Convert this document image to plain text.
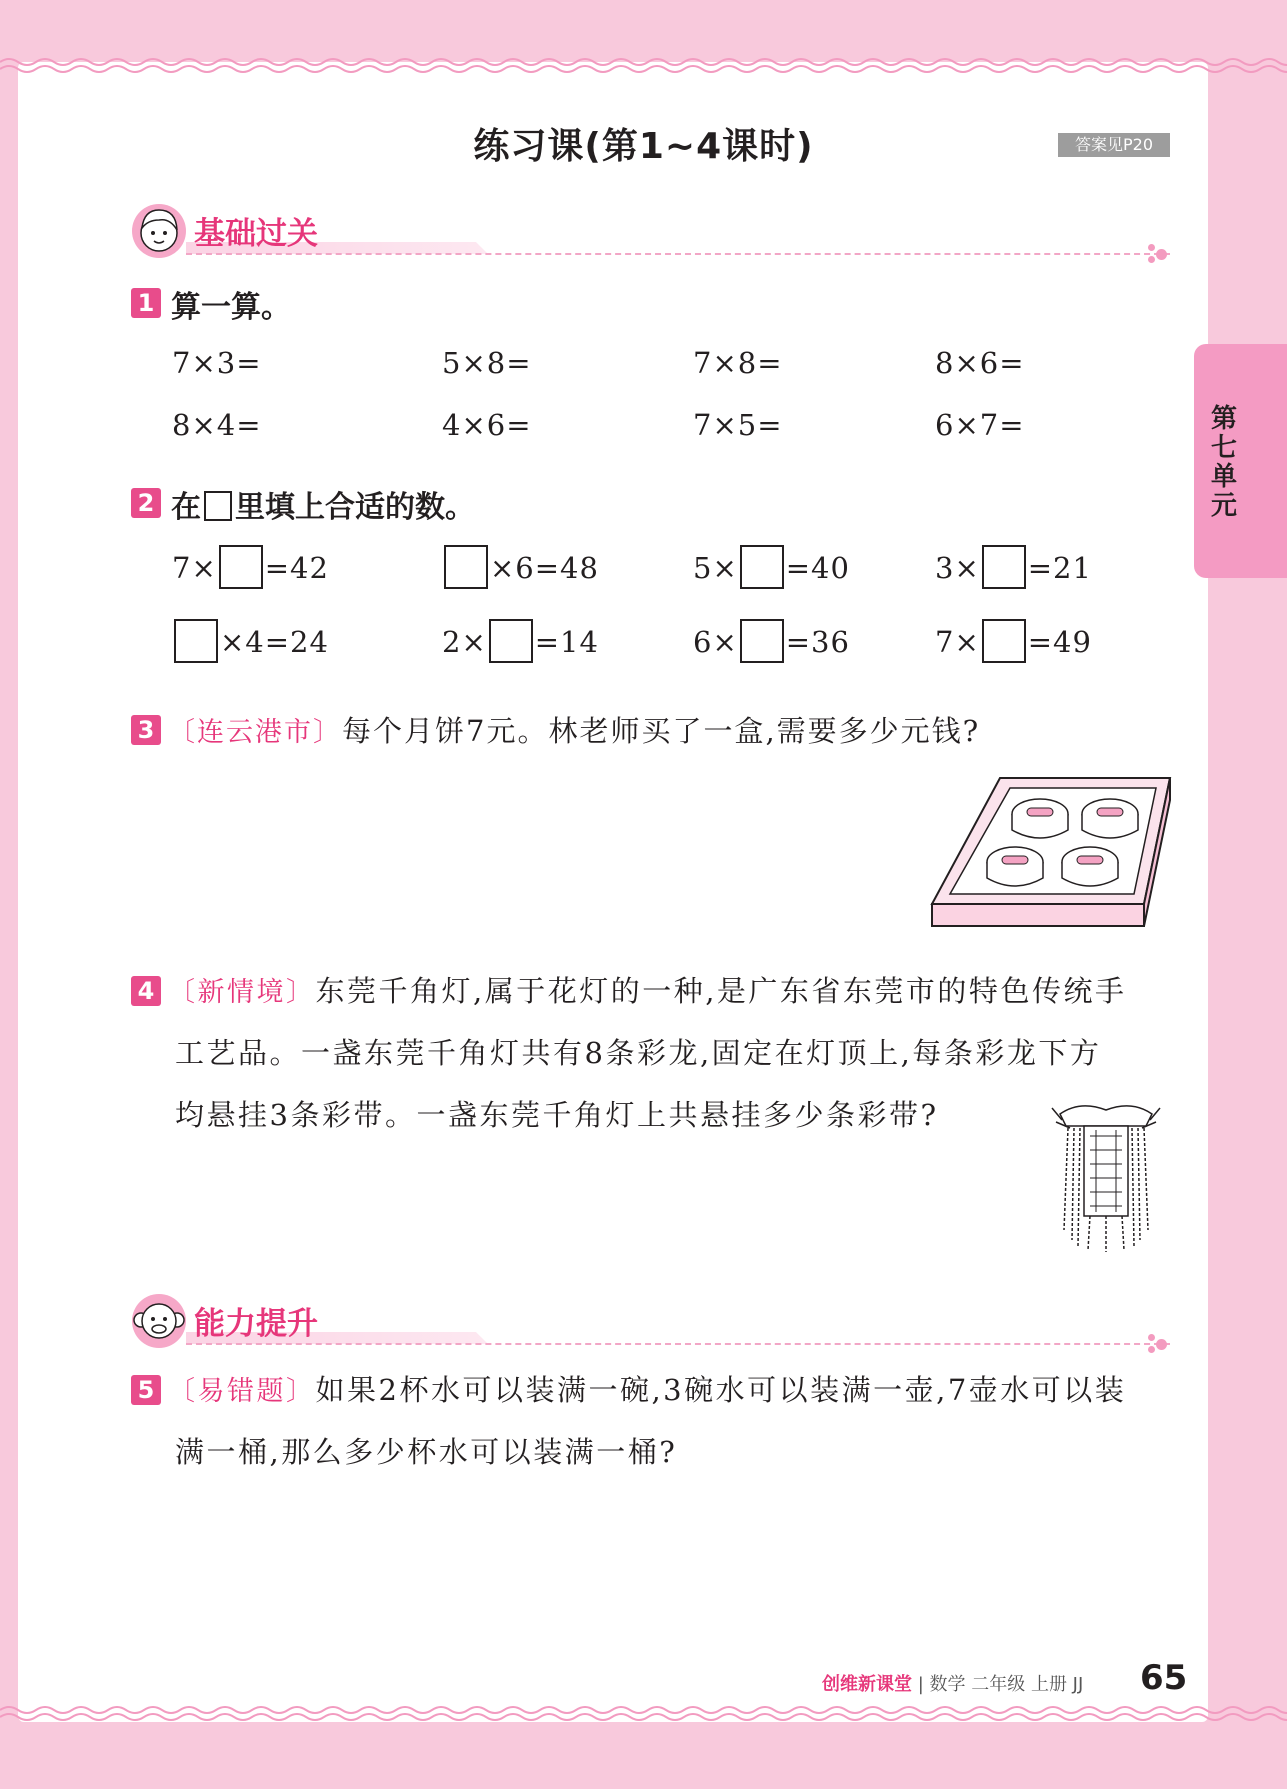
练习课(第1~4课时)	答案见P20
第七单元
基础过关
1 算一算。
7×3=	5×8=	7×8=	8×6=
8×4=	4×6=	7×5=	6×7=
2 在 里填上合适的数。
7× =42	×6=48	5× =40	3× =21
×4=24	2× =14	6× =36	7× =49
3 〔连云港市〕每个月饼7元。林老师买了一盒,需要多少元钱?
4 〔新情境〕东莞千角灯,属于花灯的一种,是广东省东莞市的特色传统手
工艺品。一盏东莞千角灯共有8条彩龙,固定在灯顶上,每条彩龙下方
均悬挂3条彩带。一盏东莞千角灯上共悬挂多少条彩带?
能力提升
5 〔易错题〕如果2杯水可以装满一碗,3碗水可以装满一壶,7壶水可以装
满一桶,那么多少杯水可以装满一桶?
创维新课堂 | 数学 二年级 上册 JJ 65
